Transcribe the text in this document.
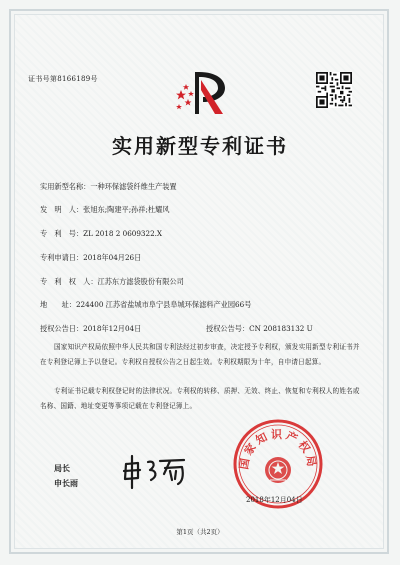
证书号第8166189号
实用新型专利证书
实用新型名称：一种环保滤袋纤维生产装置
发　明　人：张旭东;陶建平;孙祥;杜耀风
专　利　号：ZL 2018 2 0609322.X
专利申请日：2018年04月26日
专　利　权　人：江苏东方滤袋股份有限公司
地　　址：224400 江苏省盐城市阜宁县阜城环保滤料产业园66号
授权公告日：2018年12月04日	授权公告号：CN 208183132 U
国家知识产权局依照中华人民共和国专利法经过初步审查，决定授予专利权，颁发实用新型专利证书并在专利登记簿上予以登记。专利权自授权公告之日起生效。专利权期限为十年，自申请日起算。
专利证书记载专利权登记时的法律状况。专利权的转移、质押、无效、终止、恢复和专利权人的姓名或名称、国籍、地址变更等事项记载在专利登记簿上。
局长
申长雨
国家知识产权局
2018年12月04日
第1页（共2页）
